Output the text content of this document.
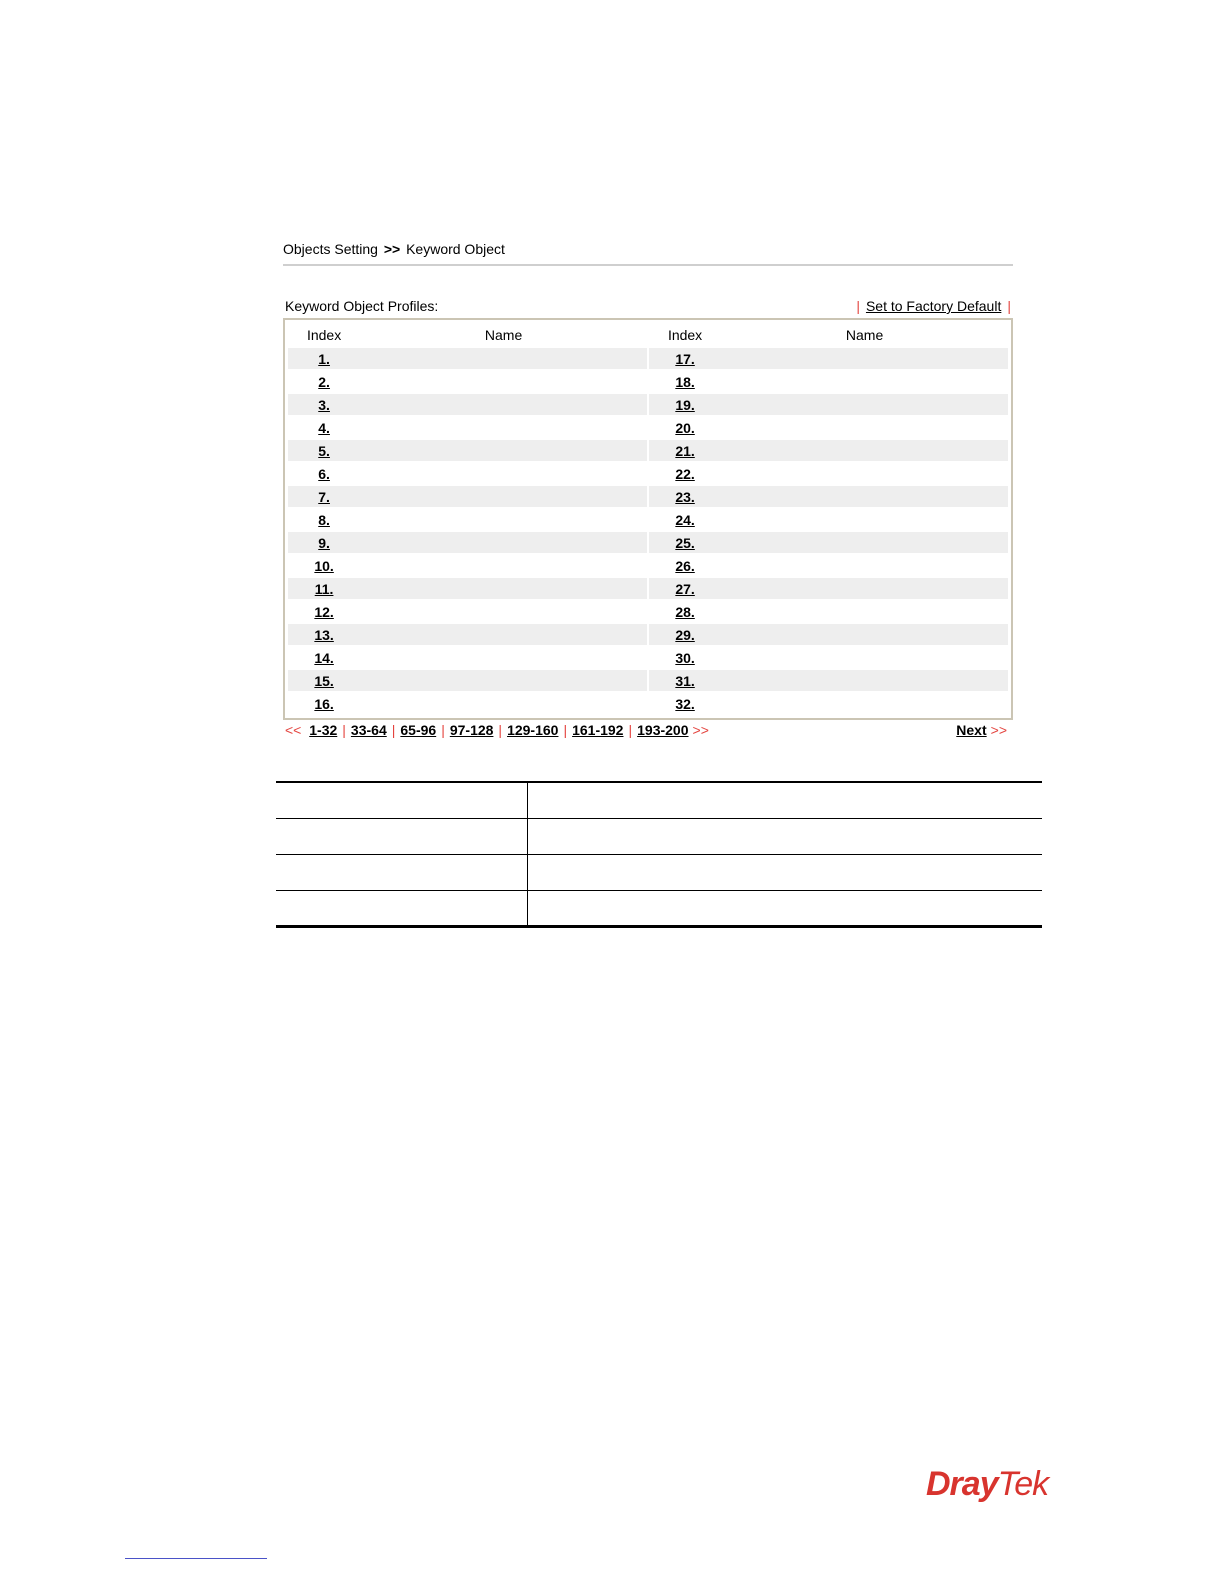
Objects Setting >> Keyword Object
Keyword Object Profiles:	| Set to Factory Default |
Index	Name		Index	Name
1.			17.	
2.			18.	
3.			19.	
4.			20.	
5.			21.	
6.			22.	
7.			23.	
8.			24.	
9.			25.	
10.			26.	
11.			27.	
12.			28.	
13.			29.	
14.			30.	
15.			31.	
16.			32.	
<< 1-32 | 33-64 | 65-96 | 97-128 | 129-160 | 161-192 | 193-200 >>	Next >>

DrayTek
